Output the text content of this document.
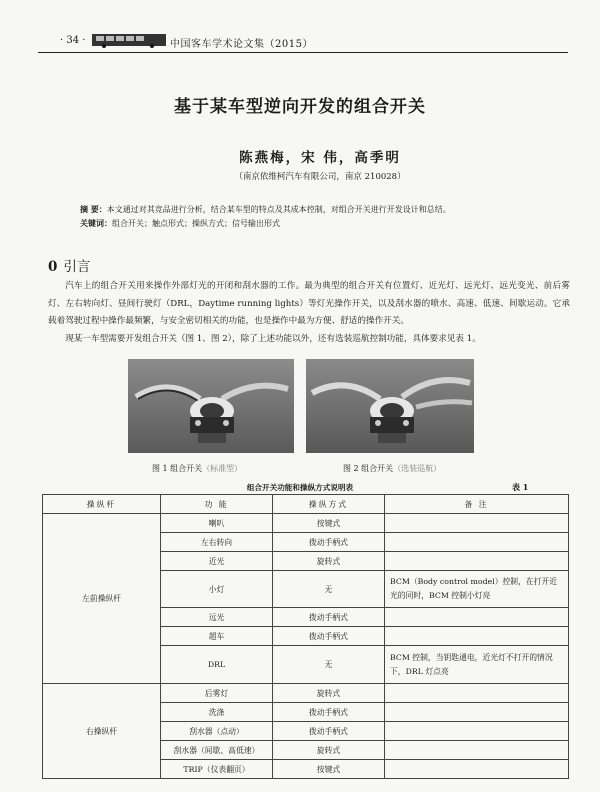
· 34 ·	中国客车学术论文集（2015）
基于某车型逆向开发的组合开关
陈燕梅，宋 伟，高季明
（南京依维柯汽车有限公司，南京 210028）
摘 要：本文通过对其竞品进行分析，结合某车型的特点及其成本控制，对组合开关进行开发设计和总结。
关键词：组合开关；触点形式；操纵方式；信号输出形式
0 引言

汽车上的组合开关用来操作外部灯光的开闭和刮水器的工作。最为典型的组合开关有位置灯、近光灯、远光灯、远光变光、前后雾灯、左右转向灯、昼间行驶灯（DRL，Daytime running lights）等灯光操作开关，以及刮水器的喷水、高速、低速、间歇运动。它承载着驾驶过程中操作最频繁，与安全密切相关的功能，也是操作中最为方便、舒适的操作开关。

现某一车型需要开发组合开关（图 1、图 2），除了上述功能以外，还有选装巡航控制功能，具体要求见表 1。

图 1 组合开关（标准型）	图 2 组合开关（选装巡航）
组合开关功能和操纵方式说明表	表 1
操纵杆	功 能	操纵方式	备 注
左前操纵杆	喇叭	按键式	
	左右转向	拨动手柄式	
	近光	旋转式	
	小灯	无	BCM（Body control model）控制，在打开近光的同时，BCM 控制小灯亮
	远光	拨动手柄式	
	超车	拨动手柄式	
	DRL	无	BCM 控制，当钥匙通电，近光灯不打开的情况下，DRL 灯点亮
右操纵杆	后雾灯	旋转式	
	洗涤	拨动手柄式	
	刮水器（点动）	拨动手柄式	
	刮水器（间歇、高低速）	旋转式	
	TRIP（仪表翻页）	按键式	
